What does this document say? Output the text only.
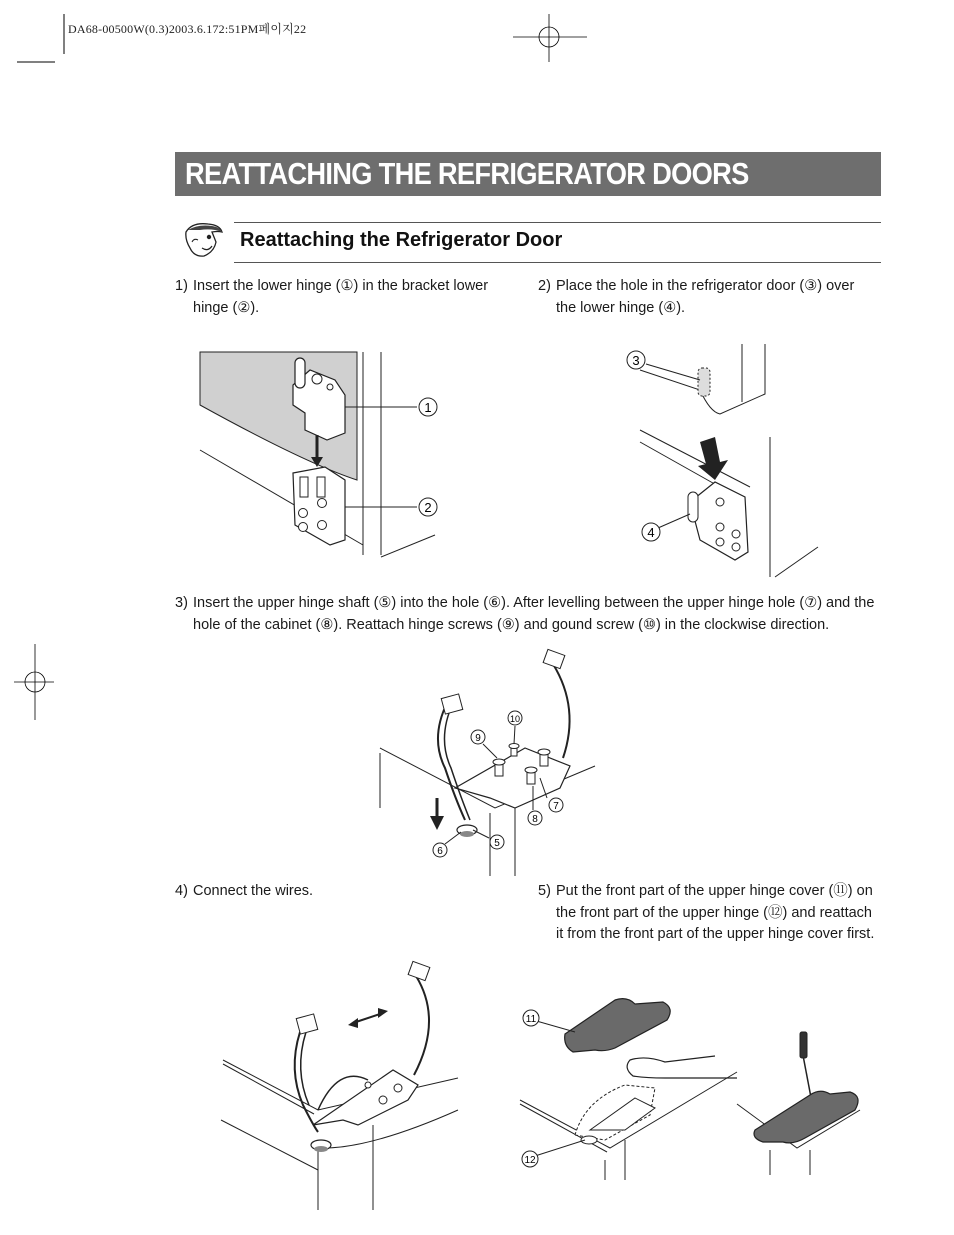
DA68-00500W(0.3)2003.6.172:51PM페이지22
REATTACHING THE REFRIGERATOR DOORS
Reattaching the Refrigerator Door
1) Insert the lower hinge (①) in the bracket lower hinge (②).
2) Place the hole in the refrigerator door (③) over the lower hinge (④).
3) Insert the upper hinge shaft (⑤) into the hole (⑥). After levelling between the upper hinge hole (⑦) and the hole of the cabinet (⑧). Reattach hinge screws (⑨) and gound screw (⑩) in the clockwise direction.
4) Connect the wires.	5) Put the front part of the upper hinge cover (⑪) on the front part of the upper hinge (⑫) and reattach it from the front part of the upper hinge cover first.
1
2
3
4
9
10
7
8
5
6
11
12
